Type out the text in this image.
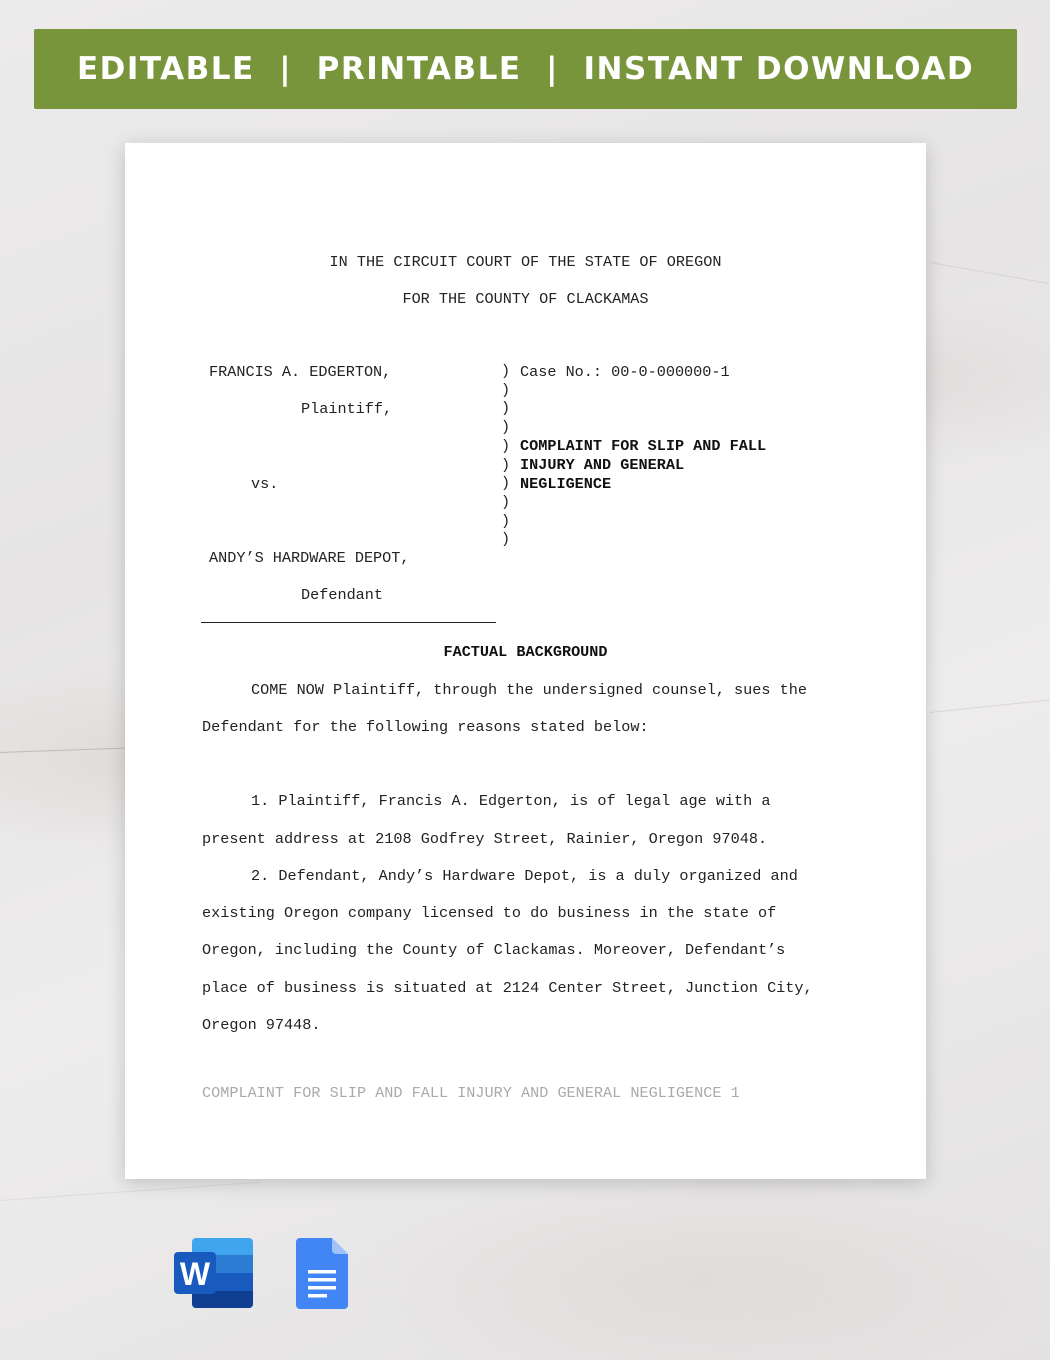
EDITABLE  |  PRINTABLE  |  INSTANT DOWNLOAD
IN THE CIRCUIT COURT OF THE STATE OF OREGON
FOR THE COUNTY OF CLACKAMAS
FRANCIS A. EDGERTON,
Plaintiff,
vs.
ANDY’S HARDWARE DEPOT,
Defendant
)
)
)
)
)
)
)
)
)
)
Case No.: 00-0-000000-1
COMPLAINT FOR SLIP AND FALL
INJURY AND GENERAL
NEGLIGENCE
FACTUAL BACKGROUND
COME NOW Plaintiff, through the undersigned counsel, sues the
Defendant for the following reasons stated below:
1. Plaintiff, Francis A. Edgerton, is of legal age with a
present address at 2108 Godfrey Street, Rainier, Oregon 97048.
2. Defendant, Andy’s Hardware Depot, is a duly organized and
existing Oregon company licensed to do business in the state of
Oregon, including the County of Clackamas. Moreover, Defendant’s
place of business is situated at 2124 Center Street, Junction City,
Oregon 97448.
COMPLAINT FOR SLIP AND FALL INJURY AND GENERAL NEGLIGENCE 1
W
